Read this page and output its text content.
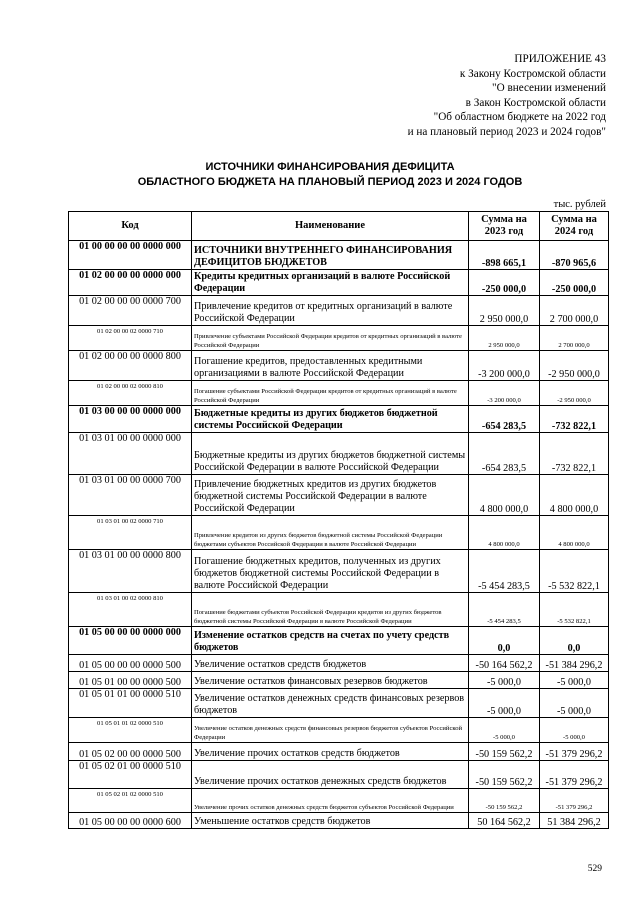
ПРИЛОЖЕНИЕ 43
к Закону Костромской области
"О внесении изменений
в Закон Костромской области
"Об областном бюджете на 2022 год
и на плановый период 2023 и 2024 годов"
ИСТОЧНИКИ ФИНАНСИРОВАНИЯ ДЕФИЦИТА
ОБЛАСТНОГО БЮДЖЕТА НА ПЛАНОВЫЙ ПЕРИОД 2023 И 2024 ГОДОВ
тыс. рублей
Код	Наименование	Сумма на 2023 год	Сумма на 2024 год
01 00 00 00 00 0000 000	ИСТОЧНИКИ ВНУТРЕННЕГО ФИНАНСИРОВАНИЯ ДЕФИЦИТОВ БЮДЖЕТОВ	-898 665,1	-870 965,6
01 02 00 00 00 0000 000	Кредиты кредитных организаций в валюте Российской Федерации	-250 000,0	-250 000,0
01 02 00 00 00 0000 700	Привлечение кредитов от кредитных организаций в валюте Российской Федерации	2 950 000,0	2 700 000,0
01 02 00 00 02 0000 710	Привлечение субъектами Российской Федерации кредитов от кредитных организаций в валюте Российской Федерации	2 950 000,0	2 700 000,0
01 02 00 00 00 0000 800	Погашение кредитов, предоставленных кредитными организациями в валюте Российской Федерации	-3 200 000,0	-2 950 000,0
01 02 00 00 02 0000 810	Погашение субъектами Российской Федерации кредитов от кредитных организаций в валюте Российской Федерации	-3 200 000,0	-2 950 000,0
01 03 00 00 00 0000 000	Бюджетные кредиты из других бюджетов бюджетной системы Российской Федерации	-654 283,5	-732 822,1
01 03 01 00 00 0000 000	Бюджетные кредиты из других бюджетов бюджетной системы Российской Федерации в валюте Российской Федерации	-654 283,5	-732 822,1
01 03 01 00 00 0000 700	Привлечение бюджетных кредитов из других бюджетов бюджетной системы Российской Федерации в валюте Российской Федерации	4 800 000,0	4 800 000,0
01 03 01 00 02 0000 710	Привлечение кредитов из других бюджетов бюджетной системы Российской Федерации бюджетами субъектов Российской Федерации в валюте Российской Федерации	4 800 000,0	4 800 000,0
01 03 01 00 00 0000 800	Погашение бюджетных кредитов, полученных из других бюджетов бюджетной системы Российской Федерации в валюте Российской Федерации	-5 454 283,5	-5 532 822,1
01 03 01 00 02 0000 810	Погашение бюджетами субъектов Российской Федерации кредитов из других бюджетов бюджетной системы Российской Федерации в валюте Российской Федерации	-5 454 283,5	-5 532 822,1
01 05 00 00 00 0000 000	Изменение остатков средств на счетах по учету средств бюджетов	0,0	0,0
01 05 00 00 00 0000 500	Увеличение остатков средств бюджетов	-50 164 562,2	-51 384 296,2
01 05 01 00 00 0000 500	Увеличение остатков финансовых резервов бюджетов	-5 000,0	-5 000,0
01 05 01 01 00 0000 510	Увеличение остатков денежных средств финансовых резервов бюджетов	-5 000,0	-5 000,0
01 05 01 01 02 0000 510	Увеличение остатков денежных средств финансовых резервов бюджетов субъектов Российской Федерации	-5 000,0	-5 000,0
01 05 02 00 00 0000 500	Увеличение прочих остатков средств бюджетов	-50 159 562,2	-51 379 296,2
01 05 02 01 00 0000 510	Увеличение прочих остатков денежных средств бюджетов	-50 159 562,2	-51 379 296,2
01 05 02 01 02 0000 510	Увеличение прочих остатков денежных средств бюджетов субъектов Российской Федерации	-50 159 562,2	-51 379 296,2
01 05 00 00 00 0000 600	Уменьшение остатков средств бюджетов	50 164 562,2	51 384 296,2
529
